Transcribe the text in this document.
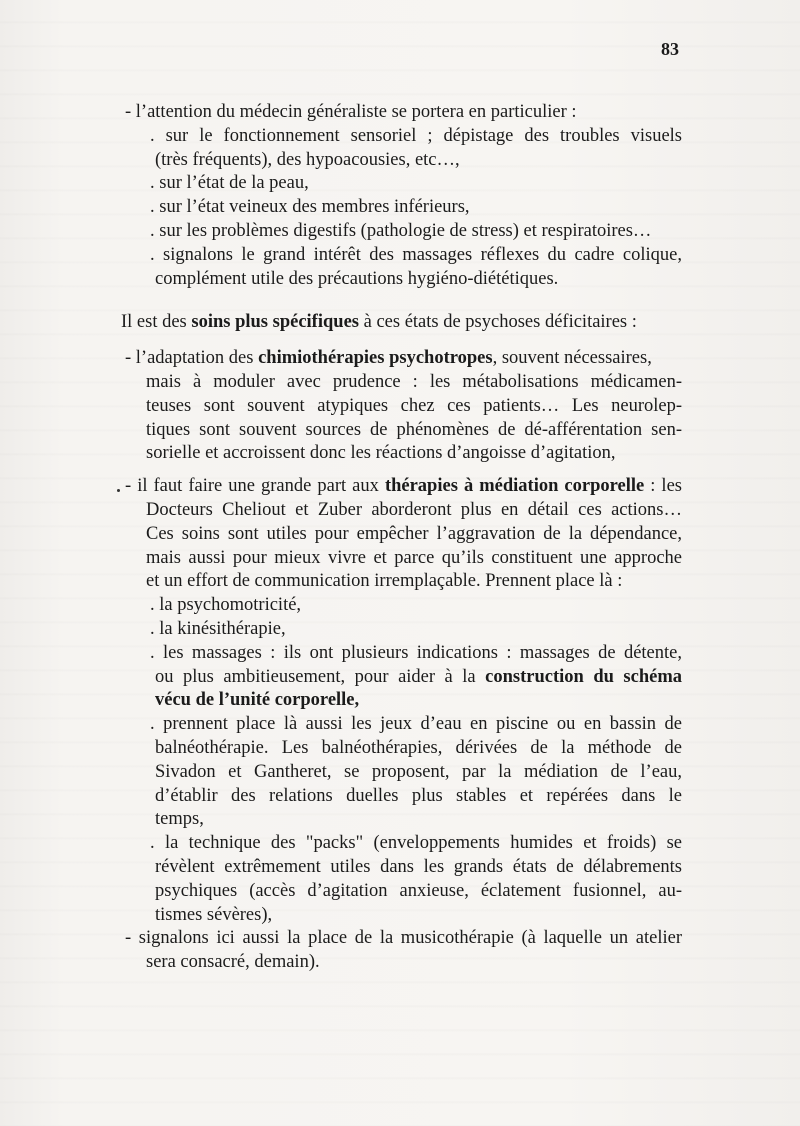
83
- l’attention du médecin généraliste se portera en particulier :
. sur le fonctionnement sensoriel ; dépistage des troubles visuels
(très fréquents), des hypoacousies, etc…,
. sur l’état de la peau,
. sur l’état veineux des membres inférieurs,
. sur les problèmes digestifs (pathologie de stress) et respiratoires…
. signalons le grand intérêt des massages réflexes du cadre colique,
complément utile des précautions hygiéno-diététiques.
Il est des soins plus spécifiques à ces états de psychoses déficitaires :
- l’adaptation des chimiothérapies psychotropes, souvent nécessaires,
mais à moduler avec prudence : les métabolisations médicamen-
teuses sont souvent atypiques chez ces patients… Les neurolep-
tiques sont souvent sources de phénomènes de dé-afférentation sen-
sorielle et accroissent donc les réactions d’angoisse d’agitation,
- il faut faire une grande part aux thérapies à médiation corporelle : les
Docteurs Cheliout et Zuber aborderont plus en détail ces actions…
Ces soins sont utiles pour empêcher l’aggravation de la dépendance,
mais aussi pour mieux vivre et parce qu’ils constituent une approche
et un effort de communication irremplaçable. Prennent place là :
. la psychomotricité,
. la kinésithérapie,
. les massages : ils ont plusieurs indications : massages de détente,
ou plus ambitieusement, pour aider à la construction du schéma
vécu de l’unité corporelle,
. prennent place là aussi les jeux d’eau en piscine ou en bassin de
balnéothérapie. Les balnéothérapies, dérivées de la méthode de
Sivadon et Gantheret, se proposent, par la médiation de l’eau,
d’établir des relations duelles plus stables et repérées dans le
temps,
. la technique des "packs" (enveloppements humides et froids) se
révèlent extrêmement utiles dans les grands états de délabrements
psychiques (accès d’agitation anxieuse, éclatement fusionnel, au-
tismes sévères),
- signalons ici aussi la place de la musicothérapie (à laquelle un atelier
sera consacré, demain).
